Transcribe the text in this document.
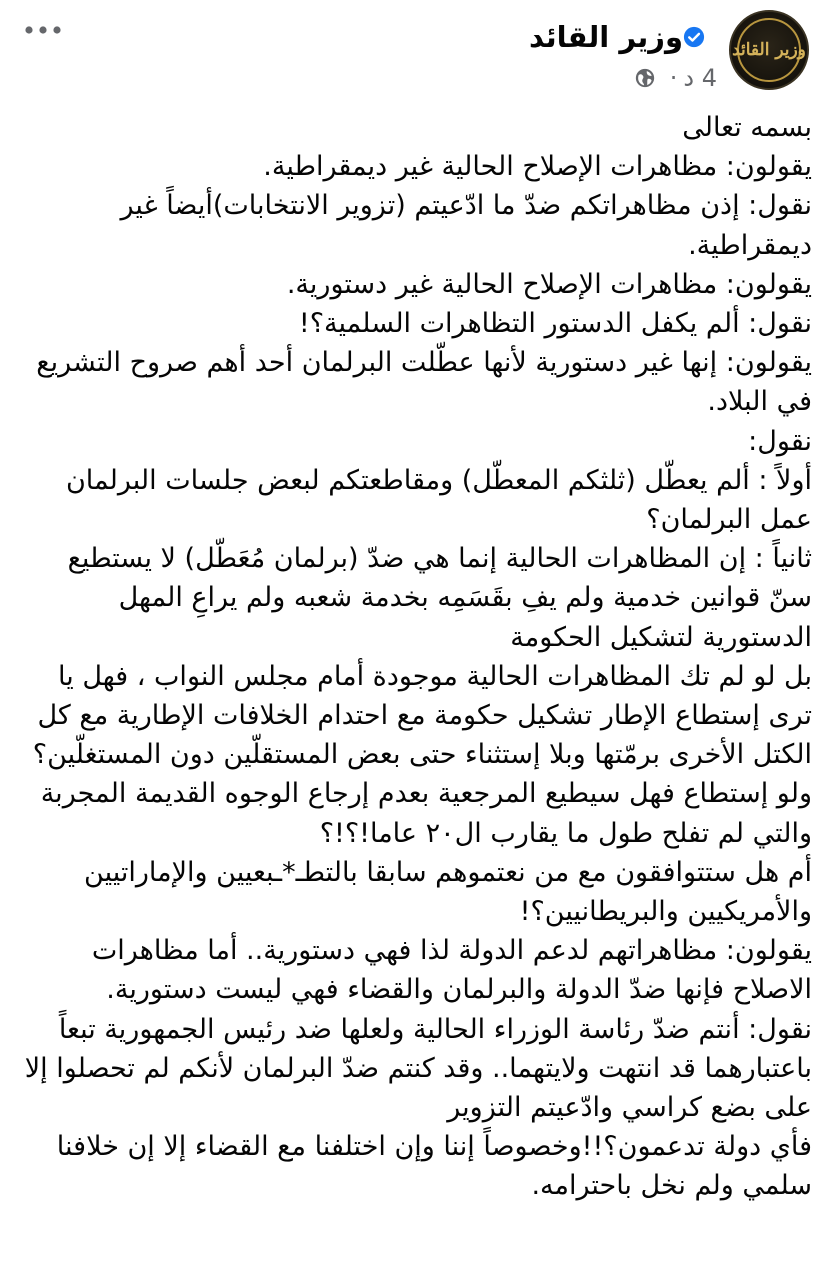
وزير القائد
وزير القائد
· 4 د

بسمه تعالى

يقولون: مظاهرات الإصلاح الحالية غير ديمقراطية.

نقول: إذن مظاهراتكم ضدّ ما ادّعيتم (تزوير الانتخابات)أيضاً غير ديمقراطية.

يقولون: مظاهرات الإصلاح الحالية غير دستورية.

نقول: ألم يكفل الدستور التظاهرات السلمية؟!

يقولون: إنها غير دستورية لأنها عطّلت البرلمان أحد أهم صروح التشريع في البلاد.

نقول:

أولاً : ألم يعطّل (ثلثكم المعطّل) ومقاطعتكم لبعض جلسات البرلمان عمل البرلمان؟

ثانياً : إن المظاهرات الحالية إنما هي ضدّ (برلمان مُعَطّل) لا يستطيع سنّ قوانين خدمية ولم يفِ بقَسَمِه بخدمة شعبه ولم يراعِ المهل الدستورية لتشكيل الحكومة

بل لو لم تك المظاهرات الحالية موجودة أمام مجلس النواب ، فهل يا ترى إستطاع الإطار تشكيل حكومة مع احتدام الخلافات الإطارية مع كل الكتل الأخرى برمّتها وبلا إستثناء حتى بعض المستقلّين دون المستغلّين؟

ولو إستطاع فهل سيطيع المرجعية بعدم إرجاع الوجوه القديمة المجربة والتي لم تفلح طول ما يقارب ال٢٠ عاما!؟!؟

أم هل ستتوافقون مع من نعتموهم سابقا بالتطـ*ـبعيين والإماراتيين والأمريكيين والبريطانيين؟!

يقولون: مظاهراتهم لدعم الدولة لذا فهي دستورية.. أما مظاهرات الاصلاح فإنها ضدّ الدولة والبرلمان والقضاء فهي ليست دستورية.

نقول: أنتم ضدّ رئاسة الوزراء الحالية ولعلها ضد رئيس الجمهورية تبعاً باعتبارهما قد انتهت ولايتهما.. وقد كنتم ضدّ البرلمان لأنكم لم تحصلوا إلا على بضع كراسي وادّعيتم التزوير

فأي دولة تدعمون؟!!وخصوصاً إننا وإن اختلفنا مع القضاء إلا إن خلافنا سلمي ولم نخل باحترامه.
